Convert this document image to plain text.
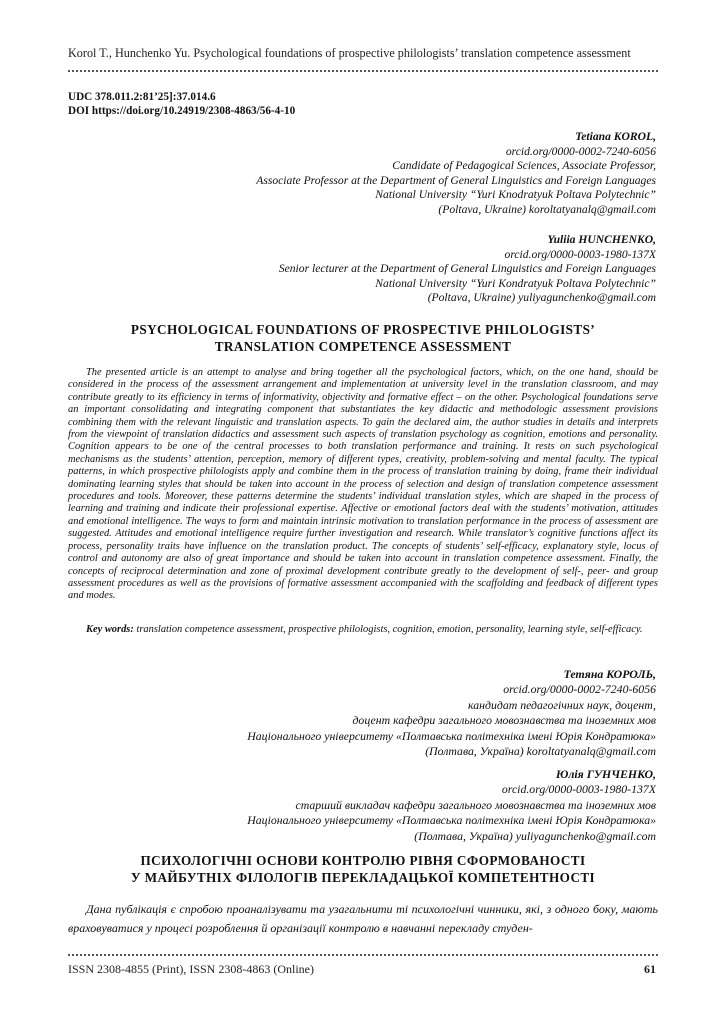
Korol T., Hunchenko Yu. Psychological foundations of prospective philologists’ translation competence assessment
UDC 378.011.2:81’25]:37.014.6
DOI https://doi.org/10.24919/2308-4863/56-4-10
Tetiana KOROL,
orcid.org/0000-0002-7240-6056
Candidate of Pedagogical Sciences, Associate Professor,
Associate Professor at the Department of General Linguistics and Foreign Languages
National University “Yuri Knodratyuk Poltava Polytechnic”
(Poltava, Ukraine) koroltatyanalq@gmail.com
Yuliia HUNCHENKO,
orcid.org/0000-0003-1980-137X
Senior lecturer at the Department of General Linguistics and Foreign Languages
National University “Yuri Kondratyuk Poltava Polytechnic”
(Poltava, Ukraine) yuliyagunchenko@gmail.com
PSYCHOLOGICAL FOUNDATIONS OF PROSPECTIVE PHILOLOGISTS’
TRANSLATION COMPETENCE ASSESSMENT

The presented article is an attempt to analyse and bring together all the psychological factors, which, on the one hand, should be considered in the process of the assessment arrangement and implementation at university level in the translation classroom, and may contribute greatly to its efficiency in terms of informativity, objectivity and formative effect – on the other. Psychological foundations serve an important consolidating and integrating component that substantiates the key didactic and methodologic assessment provisions combining them with the relevant linguistic and translation aspects. To gain the declared aim, the author studies in details and interprets from the viewpoint of translation didactics and assessment such aspects of translation psychology as cognition, emotions and personality. Cognition appears to be one of the central processes to both translation performance and training. It rests on such psychological mechanisms as the students’ attention, perception, memory of different types, creativity, problem-solving and mental faculty. The typical patterns, in which prospective philologists apply and combine them in the process of translation training by doing, frame their individual dominating learning styles that should be taken into account in the process of selection and design of translation competence assessment procedures and tools. Moreover, these patterns determine the students’ individual translation styles, which are shaped in the process of learning and training and indicate their professional expertise. Affective or emotional factors deal with the students’ motivation, attitudes and emotional intelligence. The ways to form and maintain intrinsic motivation to translation performance in the process of assessment are suggested. Attitudes and emotional intelligence require further investigation and research. While translator’s cognitive functions affect its process, personality traits have influence on the translation product. The concepts of students’ self-efficacy, explanatory style, locus of control and autonomy are also of great importance and should be taken into account in translation competence assessment. Finally, the concepts of reciprocal determination and zone of proximal development contribute greatly to the development of self-, peer- and group assessment procedures as well as the provisions of formative assessment accompanied with the scaffolding and feedback of different types and modes.

Key words: translation competence assessment, prospective philologists, cognition, emotion, personality, learning style, self-efficacy.

Тетяна КОРОЛЬ,
orcid.org/0000-0002-7240-6056
кандидат педагогічних наук, доцент,
доцент кафедри загального мовознавства та іноземних мов
Національного університету «Полтавська політехніка імені Юрія Кондратюка»
(Полтава, Україна) koroltatyanalq@gmail.com
Юлія ГУНЧЕНКО,
orcid.org/0000-0003-1980-137X
старший викладач кафедри загального мовознавства та іноземних мов
Національного університету «Полтавська політехніка імені Юрія Кондратюка»
(Полтава, Україна) yuliyagunchenko@gmail.com
ПСИХОЛОГІЧНІ ОСНОВИ КОНТРОЛЮ РІВНЯ СФОРМОВАНОСТІ
У МАЙБУТНІХ ФІЛОЛОГІВ ПЕРЕКЛАДАЦЬКОЇ КОМПЕТЕНТНОСТІ

Дана публікація є спробою проаналізувати та узагальнити ті психологічні чинники, які, з одного боку, мають враховуватися у процесі розроблення й організації контролю в навчанні перекладу студен-

ISSN 2308-4855 (Print), ISSN 2308-4863 (Online)	61
